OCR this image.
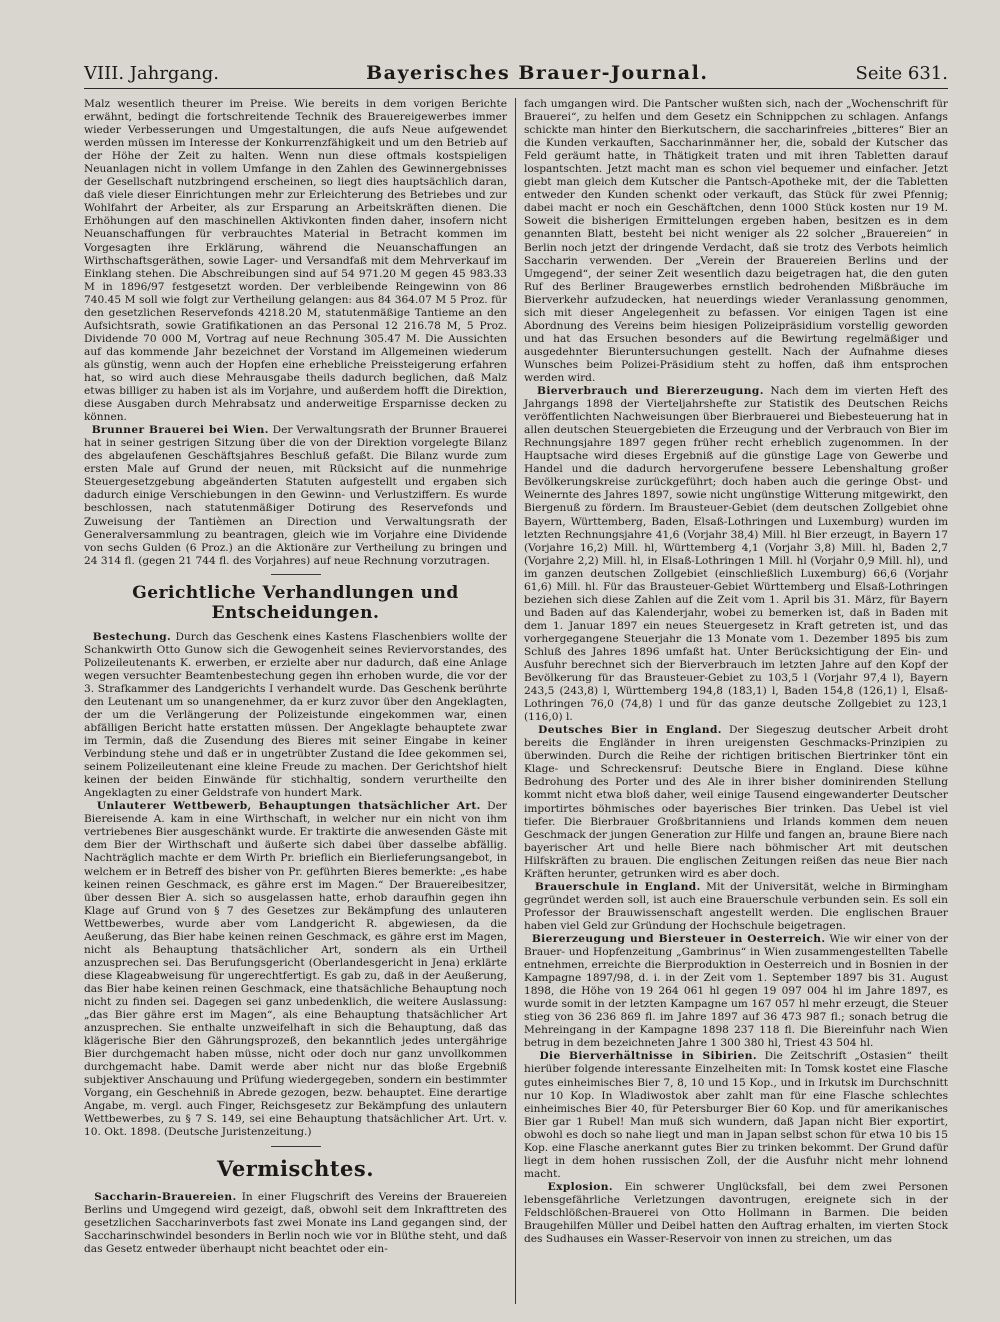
VIII. Jahrgang.	Bayerisches Brauer-Journal.	Seite 631.

Malz wesentlich theurer im Preise. Wie bereits in dem vorigen Berichte erwähnt, bedingt die fortschreitende Technik des Brauereigewerbes immer wieder Verbesserungen und Umgestaltungen, die aufs Neue aufgewendet werden müssen im Interesse der Konkurrenzfähigkeit und um den Betrieb auf der Höhe der Zeit zu halten. Wenn nun diese oftmals kostspieligen Neuanlagen nicht in vollem Umfange in den Zahlen des Gewinnergebnisses der Gesellschaft nutzbringend erscheinen, so liegt dies hauptsächlich daran, daß viele dieser Einrichtungen mehr zur Erleichterung des Betriebes und zur Wohlfahrt der Arbeiter, als zur Ersparung an Arbeitskräften dienen. Die Erhöhungen auf den maschinellen Aktivkonten finden daher, insofern nicht Neuanschaffungen für verbrauchtes Material in Betracht kommen im Vorgesagten ihre Erklärung, während die Neuanschaffungen an Wirthschaftsgeräthen, sowie Lager- und Versandfaß mit dem Mehrverkauf im Einklang stehen. Die Abschreibungen sind auf 54 971.20 M gegen 45 983.33 M in 1896/97 festgesetzt worden. Der verbleibende Reingewinn von 86 740.45 M soll wie folgt zur Vertheilung gelangen: aus 84 364.07 M 5 Proz. für den gesetzlichen Reservefonds 4218.20 M, statutenmäßige Tantieme an den Aufsichtsrath, sowie Gratifikationen an das Personal 12 216.78 M, 5 Proz. Dividende 70 000 M, Vortrag auf neue Rechnung 305.47 M. Die Aussichten auf das kommende Jahr bezeichnet der Vorstand im Allgemeinen wiederum als günstig, wenn auch der Hopfen eine erhebliche Preissteigerung erfahren hat, so wird auch diese Mehrausgabe theils dadurch beglichen, daß Malz etwas billiger zu haben ist als im Vorjahre, und außerdem hofft die Direktion, diese Ausgaben durch Mehrabsatz und anderweitige Ersparnisse decken zu können.

Brunner Brauerei bei Wien. Der Verwaltungsrath der Brunner Brauerei hat in seiner gestrigen Sitzung über die von der Direktion vorgelegte Bilanz des abgelaufenen Geschäftsjahres Beschluß gefaßt. Die Bilanz wurde zum ersten Male auf Grund der neuen, mit Rücksicht auf die nunmehrige Steuergesetzgebung abgeänderten Statuten aufgestellt und ergaben sich dadurch einige Verschiebungen in den Gewinn- und Verlustziffern. Es wurde beschlossen, nach statutenmäßiger Dotirung des Reservefonds und Zuweisung der Tantièmen an Direction und Verwaltungsrath der Generalversammlung zu beantragen, gleich wie im Vorjahre eine Dividende von sechs Gulden (6 Proz.) an die Aktionäre zur Vertheilung zu bringen und 24 314 fl. (gegen 21 744 fl. des Vorjahres) auf neue Rechnung vorzutragen.

Gerichtliche Verhandlungen und Entscheidungen.

Bestechung. Durch das Geschenk eines Kastens Flaschenbiers wollte der Schankwirth Otto Gunow sich die Gewogenheit seines Reviervorstandes, des Polizeileutenants K. erwerben, er erzielte aber nur dadurch, daß eine Anlage wegen versuchter Beamtenbestechung gegen ihn erhoben wurde, die vor der 3. Strafkammer des Landgerichts I verhandelt wurde. Das Geschenk berührte den Leutenant um so unangenehmer, da er kurz zuvor über den Angeklagten, der um die Verlängerung der Polizeistunde eingekommen war, einen abfälligen Bericht hatte erstatten müssen. Der Angeklagte behauptete zwar im Termin, daß die Zusendung des Bieres mit seiner Eingabe in keiner Verbindung stehe und daß er in ungetrübter Zustand die Idee gekommen sei, seinem Polizeileutenant eine kleine Freude zu machen. Der Gerichtshof hielt keinen der beiden Einwände für stichhaltig, sondern verurtheilte den Angeklagten zu einer Geldstrafe von hundert Mark.

Unlauterer Wettbewerb, Behauptungen thatsächlicher Art. Der Biereisende A. kam in eine Wirthschaft, in welcher nur ein nicht von ihm vertriebenes Bier ausgeschänkt wurde. Er traktirte die anwesenden Gäste mit dem Bier der Wirthschaft und äußerte sich dabei über dasselbe abfällig. Nachträglich machte er dem Wirth Pr. brieflich ein Bierlieferungsangebot, in welchem er in Betreff des bisher von Pr. geführten Bieres bemerkte: „es habe keinen reinen Geschmack, es gähre erst im Magen.“ Der Brauereibesitzer, über dessen Bier A. sich so ausgelassen hatte, erhob daraufhin gegen ihn Klage auf Grund von § 7 des Gesetzes zur Bekämpfung des unlauteren Wettbewerbes, wurde aber vom Landgericht R. abgewiesen, da die Aeußerung, das Bier habe keinen reinen Geschmack, es gähre erst im Magen, nicht als Behauptung thatsächlicher Art, sondern als ein Urtheil anzusprechen sei. Das Berufungsgericht (Oberlandesgericht in Jena) erklärte diese Klageabweisung für ungerechtfertigt. Es gab zu, daß in der Aeußerung, das Bier habe keinen reinen Geschmack, eine thatsächliche Behauptung noch nicht zu finden sei. Dagegen sei ganz unbedenklich, die weitere Auslassung: „das Bier gähre erst im Magen“, als eine Behauptung thatsächlicher Art anzusprechen. Sie enthalte unzweifelhaft in sich die Behauptung, daß das klägerische Bier den Gährungsprozeß, den bekanntlich jedes untergährige Bier durchgemacht haben müsse, nicht oder doch nur ganz unvollkommen durchgemacht habe. Damit werde aber nicht nur das bloße Ergebniß subjektiver Anschauung und Prüfung wiedergegeben, sondern ein bestimmter Vorgang, ein Geschehniß in Abrede gezogen, bezw. behauptet. Eine derartige Angabe, m. vergl. auch Finger, Reichsgesetz zur Bekämpfung des unlautern Wettbewerbes, zu § 7 S. 149, sei eine Behauptung thatsächlicher Art. Urt. v. 10. Okt. 1898. (Deutsche Juristenzeitung.)

Vermischtes.

Saccharin-Brauereien. In einer Flugschrift des Vereins der Brauereien Berlins und Umgegend wird gezeigt, daß, obwohl seit dem Inkrafttreten des gesetzlichen Saccharinverbots fast zwei Monate ins Land gegangen sind, der Saccharinschwindel besonders in Berlin noch wie vor in Blüthe steht, und daß das Gesetz entweder überhaupt nicht beachtet oder ein-

fach umgangen wird. Die Pantscher wußten sich, nach der „Wochenschrift für Brauerei“, zu helfen und dem Gesetz ein Schnippchen zu schlagen. Anfangs schickte man hinter den Bierkutschern, die saccharinfreies „bitteres“ Bier an die Kunden verkauften, Saccharinmänner her, die, sobald der Kutscher das Feld geräumt hatte, in Thätigkeit traten und mit ihren Tabletten darauf lospantschten. Jetzt macht man es schon viel bequemer und einfacher. Jetzt giebt man gleich dem Kutscher die Pantsch-Apotheke mit, der die Tabletten entweder den Kunden schenkt oder verkauft, das Stück für zwei Pfennig; dabei macht er noch ein Geschäftchen, denn 1000 Stück kosten nur 19 M. Soweit die bisherigen Ermittelungen ergeben haben, besitzen es in dem genannten Blatt, besteht bei nicht weniger als 22 solcher „Brauereien“ in Berlin noch jetzt der dringende Verdacht, daß sie trotz des Verbots heimlich Saccharin verwenden. Der „Verein der Brauereien Berlins und der Umgegend“, der seiner Zeit wesentlich dazu beigetragen hat, die den guten Ruf des Berliner Braugewerbes ernstlich bedrohenden Mißbräuche im Bierverkehr aufzudecken, hat neuerdings wieder Veranlassung genommen, sich mit dieser Angelegenheit zu befassen. Vor einigen Tagen ist eine Abordnung des Vereins beim hiesigen Polizeipräsidium vorstellig geworden und hat das Ersuchen besonders auf die Bewirtung regelmäßiger und ausgedehnter Bieruntersuchungen gestellt. Nach der Aufnahme dieses Wunsches beim Polizei-Präsidium steht zu hoffen, daß ihm entsprochen werden wird.

Bierverbrauch und Biererzeugung. Nach dem im vierten Heft des Jahrgangs 1898 der Vierteljahrshefte zur Statistik des Deutschen Reichs veröffentlichten Nachweisungen über Bierbrauerei und Biebesteuerung hat in allen deutschen Steuergebieten die Erzeugung und der Verbrauch von Bier im Rechnungsjahre 1897 gegen früher recht erheblich zugenommen. In der Hauptsache wird dieses Ergebniß auf die günstige Lage von Gewerbe und Handel und die dadurch hervorgerufene bessere Lebenshaltung großer Bevölkerungskreise zurückgeführt; doch haben auch die geringe Obst- und Weinernte des Jahres 1897, sowie nicht ungünstige Witterung mitgewirkt, den Biergenuß zu fördern. Im Brausteuer-Gebiet (dem deutschen Zollgebiet ohne Bayern, Württemberg, Baden, Elsaß-Lothringen und Luxemburg) wurden im letzten Rechnungsjahre 41,6 (Vorjahr 38,4) Mill. hl Bier erzeugt, in Bayern 17 (Vorjahre 16,2) Mill. hl, Württemberg 4,1 (Vorjahr 3,8) Mill. hl, Baden 2,7 (Vorjahre 2,2) Mill. hl, in Elsaß-Lothringen 1 Mill. hl (Vorjahr 0,9 Mill. hl), und im ganzen deutschen Zollgebiet (einschließlich Luxemburg) 66,6 (Vorjahr 61,6) Mill. hl. Für das Brausteuer-Gebiet Württemberg und Elsaß-Lothringen beziehen sich diese Zahlen auf die Zeit vom 1. April bis 31. März, für Bayern und Baden auf das Kalenderjahr, wobei zu bemerken ist, daß in Baden mit dem 1. Januar 1897 ein neues Steuergesetz in Kraft getreten ist, und das vorhergegangene Steuerjahr die 13 Monate vom 1. Dezember 1895 bis zum Schluß des Jahres 1896 umfaßt hat. Unter Berücksichtigung der Ein- und Ausfuhr berechnet sich der Bierverbrauch im letzten Jahre auf den Kopf der Bevölkerung für das Brausteuer-Gebiet zu 103,5 l (Vorjahr 97,4 l), Bayern 243,5 (243,8) l, Württemberg 194,8 (183,1) l, Baden 154,8 (126,1) l, Elsaß-Lothringen 76,0 (74,8) l und für das ganze deutsche Zollgebiet zu 123,1 (116,0) l.

Deutsches Bier in England. Der Siegeszug deutscher Arbeit droht bereits die Engländer in ihren ureigensten Geschmacks-Prinzipien zu überwinden. Durch die Reihe der richtigen britischen Biertrinker tönt ein Klage- und Schreckensruf: Deutsche Biere in England. Diese kühne Bedrohung des Porter und des Ale in ihrer bisher dominirenden Stellung kommt nicht etwa bloß daher, weil einige Tausend eingewanderter Deutscher importirtes böhmisches oder bayerisches Bier trinken. Das Uebel ist viel tiefer. Die Bierbrauer Großbritanniens und Irlands kommen dem neuen Geschmack der jungen Generation zur Hilfe und fangen an, braune Biere nach bayerischer Art und helle Biere nach böhmischer Art mit deutschen Hilfskräften zu brauen. Die englischen Zeitungen reißen das neue Bier nach Kräften herunter, getrunken wird es aber doch.

Brauerschule in England. Mit der Universität, welche in Birmingham gegründet werden soll, ist auch eine Brauerschule verbunden sein. Es soll ein Professor der Brauwissenschaft angestellt werden. Die englischen Brauer haben viel Geld zur Gründung der Hochschule beigetragen.

Biererzeugung und Biersteuer in Oesterreich. Wie wir einer von der Brauer- und Hopfenzeitung „Gambrinus“ in Wien zusammengestellten Tabelle entnehmen, erreichte die Bierproduktion in Oesterreich und in Bosnien in der Kampagne 1897/98, d. i. in der Zeit vom 1. September 1897 bis 31. August 1898, die Höhe von 19 264 061 hl gegen 19 097 004 hl im Jahre 1897, es wurde somit in der letzten Kampagne um 167 057 hl mehr erzeugt, die Steuer stieg von 36 236 869 fl. im Jahre 1897 auf 36 473 987 fl.; sonach betrug die Mehreingang in der Kampagne 1898 237 118 fl. Die Biereinfuhr nach Wien betrug in dem bezeichneten Jahre 1 300 380 hl, Triest 43 504 hl.

Die Bierverhältnisse in Sibirien. Die Zeitschrift „Ostasien“ theilt hierüber folgende interessante Einzelheiten mit: In Tomsk kostet eine Flasche gutes einheimisches Bier 7, 8, 10 und 15 Kop., und in Irkutsk im Durchschnitt nur 10 Kop. In Wladiwostok aber zahlt man für eine Flasche schlechtes einheimisches Bier 40, für Petersburger Bier 60 Kop. und für amerikanisches Bier gar 1 Rubel! Man muß sich wundern, daß Japan nicht Bier exportirt, obwohl es doch so nahe liegt und man in Japan selbst schon für etwa 10 bis 15 Kop. eine Flasche anerkannt gutes Bier zu trinken bekommt. Der Grund dafür liegt in dem hohen russischen Zoll, der die Ausfuhr nicht mehr lohnend macht.

Explosion. Ein schwerer Unglücksfall, bei dem zwei Personen lebensgefährliche Verletzungen davontrugen, ereignete sich in der Feldschlößchen-Brauerei von Otto Hollmann in Barmen. Die beiden Braugehilfen Müller und Deibel hatten den Auftrag erhalten, im vierten Stock des Sudhauses ein Wasser-Reservoir von innen zu streichen, um das
